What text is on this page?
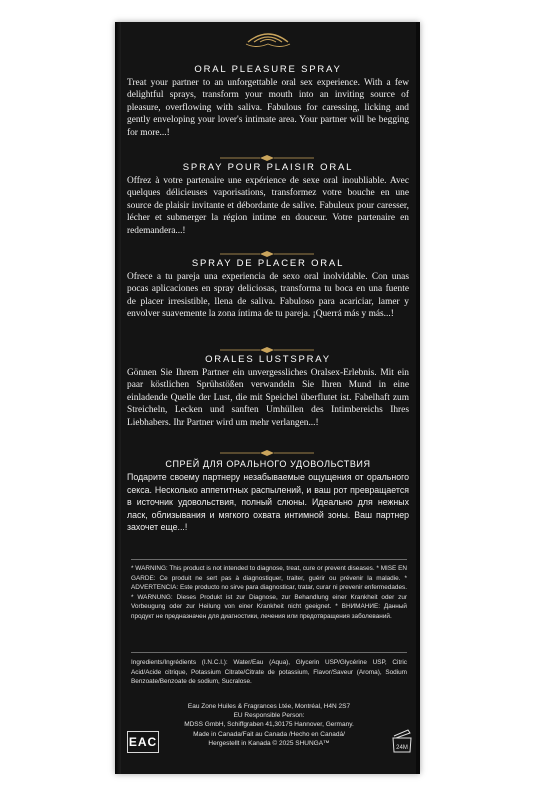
ORAL PLEASURE SPRAY
Treat your partner to an unforgettable oral sex experience. With a few delightful sprays, transform your mouth into an inviting source of pleasure, overflowing with saliva. Fabulous for caressing, licking and gently enveloping your lover's intimate area. Your partner will be begging for more...!
SPRAY POUR PLAISIR ORAL
Offrez à votre partenaire une expérience de sexe oral inoubliable. Avec quelques délicieuses vaporisations, transformez votre bouche en une source de plaisir invitante et débordante de salive. Fabuleux pour caresser, lécher et submerger la région intime en douceur. Votre partenaire en redemandera...!
SPRAY DE PLACER ORAL
Ofrece a tu pareja una experiencia de sexo oral inolvidable. Con unas pocas aplicaciones en spray deliciosas, transforma tu boca en una fuente de placer irresistible, llena de saliva. Fabuloso para acariciar, lamer y envolver suavemente la zona íntima de tu pareja. ¡Querrá más y más...!
ORALES LUSTSPRAY
Gönnen Sie Ihrem Partner ein unvergessliches Oralsex-Erlebnis. Mit ein paar köstlichen Sprühstößen verwandeln Sie Ihren Mund in eine einladende Quelle der Lust, die mit Speichel überflutet ist. Fabelhaft zum Streicheln, Lecken und sanften Umhüllen des Intimbereichs Ihres Liebhabers. Ihr Partner wird um mehr verlangen...!
СПРЕЙ ДЛЯ ОРАЛЬНОГО УДОВОЛЬСТВИЯ
Подарите своему партнеру незабываемые ощущения от орального секса. Несколько аппетитных распылений, и ваш рот превращается в источник удовольствия, полный слюны. Идеально для нежных ласк, облизывания и мягкого охвата интимной зоны. Ваш партнер захочет еще...!
* WARNING: This product is not intended to diagnose, treat, cure or prevent diseases. * MISE EN GARDE: Ce produit ne sert pas à diagnostiquer, traiter, guérir ou prévenir la maladie. * ADVERTENCIA: Este producto no sirve para diagnosticar, tratar, curar ni prevenir enfermedades. * WARNUNG: Dieses Produkt ist zur Diagnose, zur Behandlung einer Krankheit oder zur Vorbeugung oder zur Heilung von einer Krankheit nicht geeignet. * ВНИМАНИЕ: Данный продукт не предназначен для диагностики, лечения или предотвращения заболеваний.
Ingredients/Ingrédients (I.N.C.I.): Water/Eau (Aqua), Glycerin USP/Glycérine USP, Citric Acid/Acide citrique, Potassium Citrate/Citrate de potassium, Flavor/Saveur (Aroma), Sodium Benzoate/Benzoate de sodium, Sucralose.
Eau Zone Huiles & Fragrances Ltée, Montréal, H4N 2S7
EU Responsible Person:
MDSS GmbH, Schiffgraben 41,30175 Hannover, Germany.
Made in Canada/Fait au Canada /Hecho en Canadá/
Hergestellt in Kanada © 2025 SHUNGA™
EAC	24M
